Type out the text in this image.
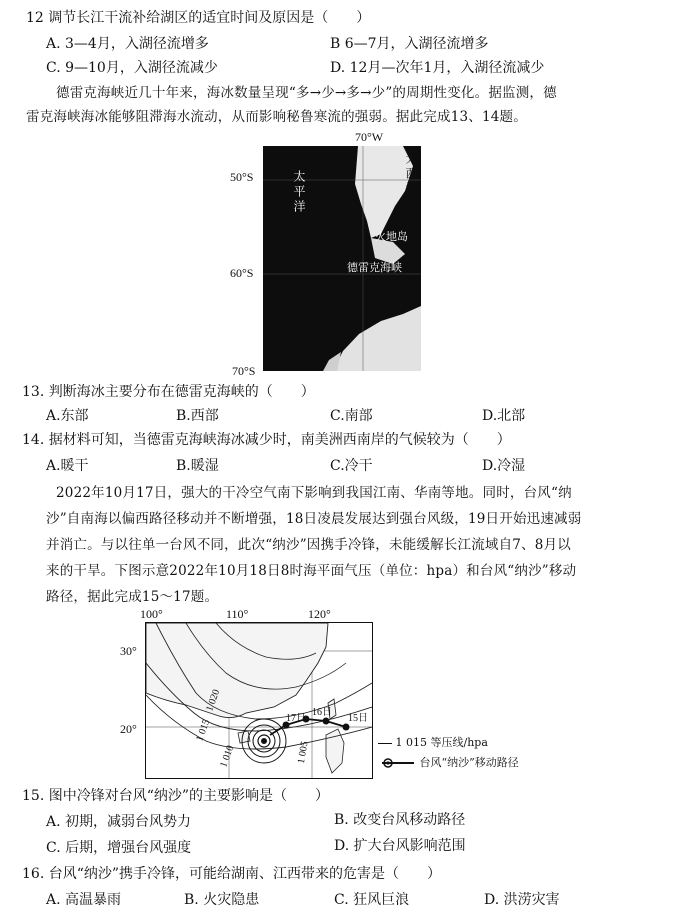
12 调节长江干流补给湖区的适宜时间及原因是（　　）
A. 3—4月，入湖径流增多	B 6—7月，入湖径流增多
C. 9—10月，入湖径流减少	D. 12月—次年1月，入湖径流减少
德雷克海峡近几十年来，海冰数量呈现“多→少→多→少”的周期性变化。据监测，德
雷克海峡海冰能够阻滞海水流动，从而影响秘鲁寒流的强弱。据此完成13、14题。
70°W
50°S
60°S
70°S
太平洋	大西洋
火地岛
德雷克海峡
13. 判断海冰主要分布在德雷克海峡的（　　）
A.东部	B.西部	C.南部	D.北部
14. 据材料可知，当德雷克海峡海冰减少时，南美洲西南岸的气候较为（　　）
A.暖干	B.暖湿	C.冷干	D.冷湿
2022年10月17日，强大的干冷空气南下影响到我国江南、华南等地。同时，台风“纳
沙”自南海以偏西路径移动并不断增强，18日凌晨发展达到强台风级，19日开始迅速减弱
并消亡。与以往单一台风不同，此次“纳沙”因携手冷锋，未能缓解长江流域自7、8月以
来的干旱。下图示意2022年10月18日8时海平面气压（单位：hpa）和台风“纳沙”移动
路径，据此完成15～17题。
100°	110°	120°
30°
20°
1 020
1 015
1 010	1 005
17日
16日
15日
1 015 等压线/hpa
台风“纳沙”移动路径
15. 图中冷锋对台风“纳沙”的主要影响是（　　）
A. 初期，减弱台风势力	B. 改变台风移动路径
C. 后期，增强台风强度	D. 扩大台风影响范围
16. 台风“纳沙”携手冷锋，可能给湖南、江西带来的危害是（　　）
A. 高温暴雨	B. 火灾隐患	C. 狂风巨浪	D. 洪涝灾害
